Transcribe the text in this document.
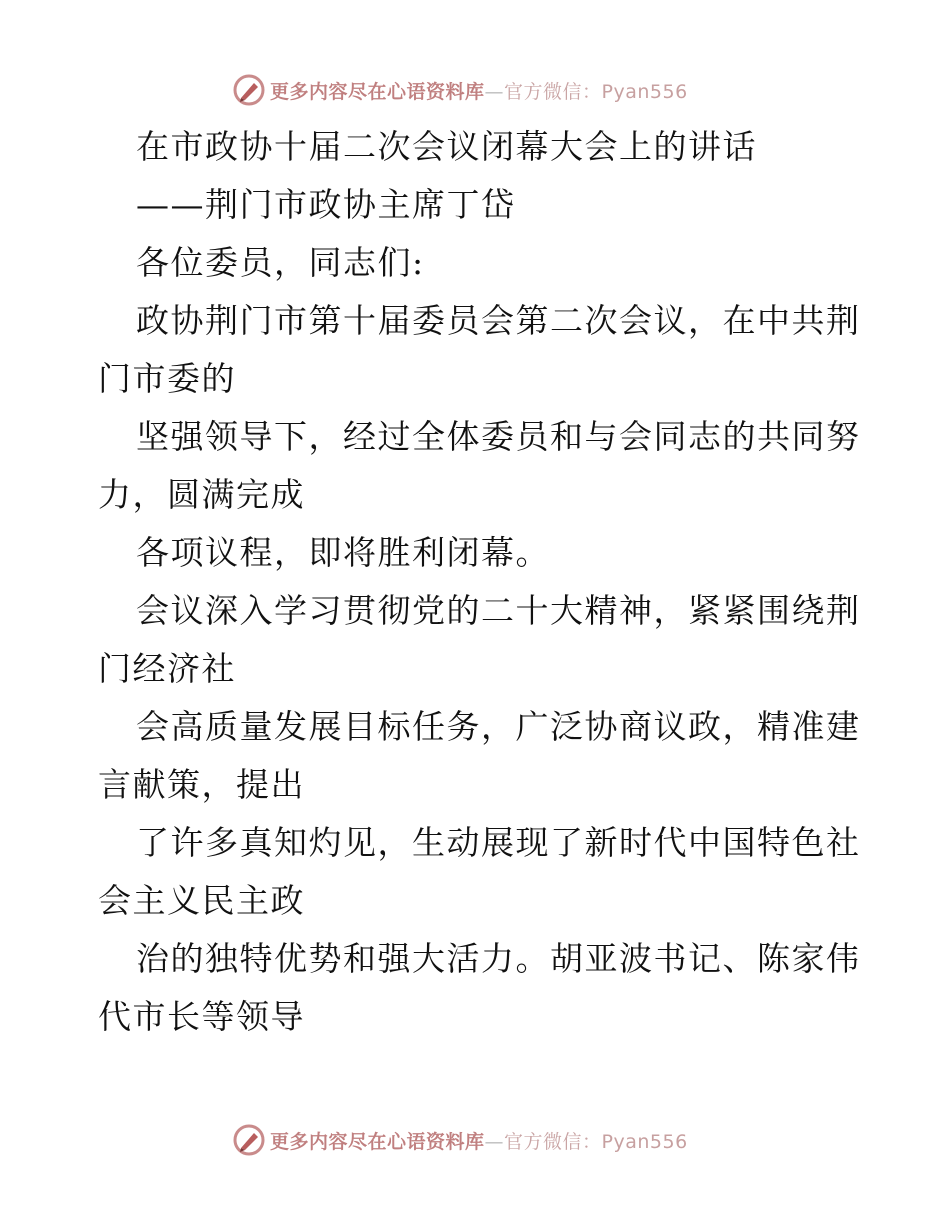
更多内容尽在心语资料库—官方微信：Pyan556
在市政协十届二次会议闭幕大会上的讲话
——荆门市政协主席丁岱
各位委员，同志们:
政协荆门市第十届委员会第二次会议，在中共荆
门市委的
坚强领导下，经过全体委员和与会同志的共同努
力，圆满完成
各项议程，即将胜利闭幕。
会议深入学习贯彻党的二十大精神，紧紧围绕荆
门经济社
会高质量发展目标任务，广泛协商议政，精准建
言献策，提出
了许多真知灼见，生动展现了新时代中国特色社
会主义民主政
治的独特优势和强大活力。胡亚波书记、陈家伟
代市长等领导
更多内容尽在心语资料库—官方微信：Pyan556
